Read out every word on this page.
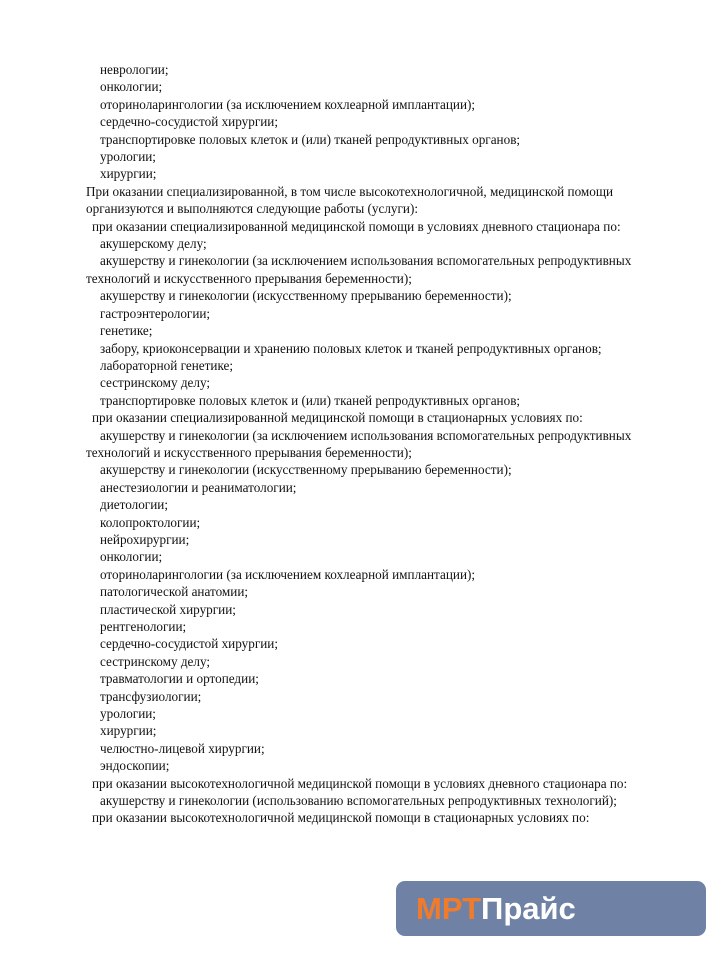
неврологии;
онкологии;
оториноларингологии (за исключением кохлеарной имплантации);
сердечно-сосудистой хирургии;
транспортировке половых клеток и (или) тканей репродуктивных органов;
урологии;
хирургии;
При оказании специализированной, в том числе высокотехнологичной, медицинской помощи
организуются и выполняются следующие работы (услуги):
при оказании специализированной медицинской помощи в условиях дневного стационара по:
акушерскому делу;
акушерству и гинекологии (за исключением использования вспомогательных репродуктивных
технологий и искусственного прерывания беременности);
акушерству и гинекологии (искусственному прерыванию беременности);
гастроэнтерологии;
генетике;
забору, криоконсервации и хранению половых клеток и тканей репродуктивных органов;
лабораторной генетике;
сестринскому делу;
транспортировке половых клеток и (или) тканей репродуктивных органов;
при оказании специализированной медицинской помощи в стационарных условиях по:
акушерству и гинекологии (за исключением использования вспомогательных репродуктивных
технологий и искусственного прерывания беременности);
акушерству и гинекологии (искусственному прерыванию беременности);
анестезиологии и реаниматологии;
диетологии;
колопроктологии;
нейрохирургии;
онкологии;
оториноларингологии (за исключением кохлеарной имплантации);
патологической анатомии;
пластической хирургии;
рентгенологии;
сердечно-сосудистой хирургии;
сестринскому делу;
травматологии и ортопедии;
трансфузиологии;
урологии;
хирургии;
челюстно-лицевой хирургии;
эндоскопии;
при оказании высокотехнологичной медицинской помощи в условиях дневного стационара по:
акушерству и гинекологии (использованию вспомогательных репродуктивных технологий);
при оказании высокотехнологичной медицинской помощи в стационарных условиях по:
МРТПрайс
